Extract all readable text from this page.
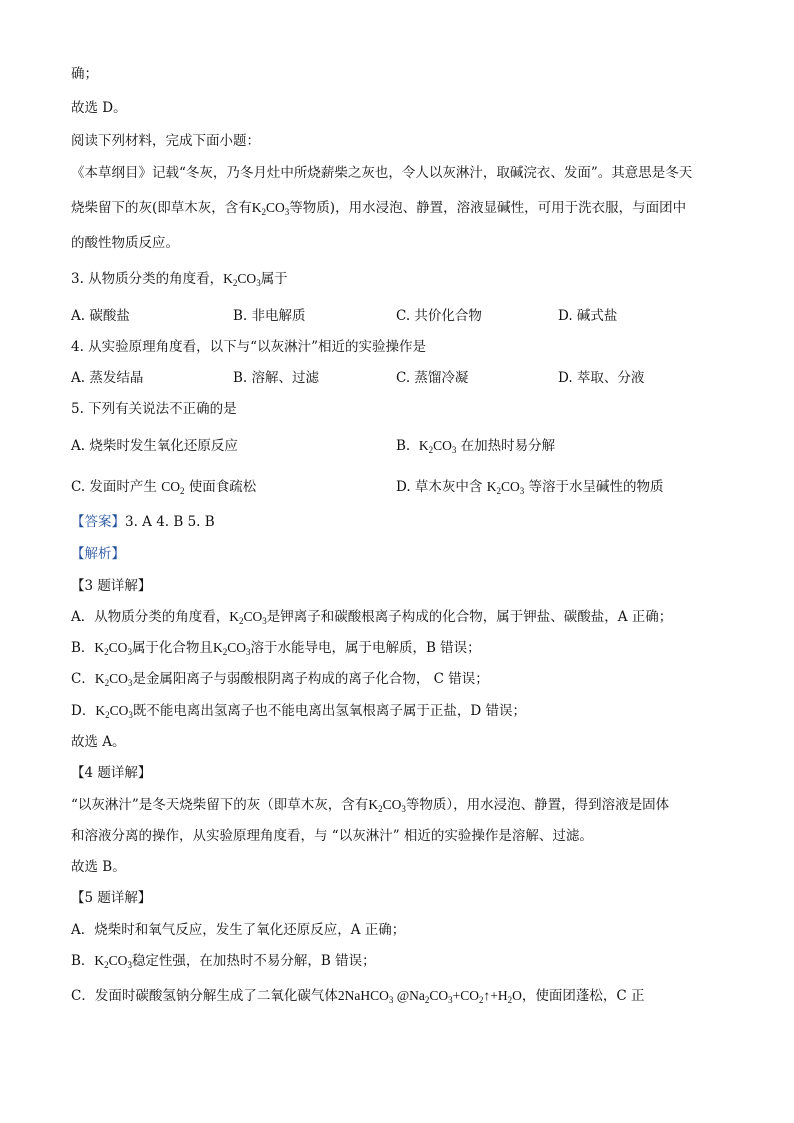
确；
故选 D。
阅读下列材料，完成下面小题：
《本草纲目》记载“冬灰，乃冬月灶中所烧薪柴之灰也，令人以灰淋汁，取碱浣衣、发面”。其意思是冬天
烧柴留下的灰(即草木灰，含有$K_2CO_3$等物质)，用水浸泡、静置，溶液显碱性，可用于洗衣服，与面团中
的酸性物质反应。
3. 从物质分类的角度看，$K_2CO_3$属于
A. 碳酸盐	B. 非电解质	C. 共价化合物	D. 碱式盐
4. 从实验原理角度看，以下与“以灰淋汁”相近的实验操作是
A. 蒸发结晶	B. 溶解、过滤	C. 蒸馏冷凝	D. 萃取、分液
5. 下列有关说法不正确的是
A. 烧柴时发生氧化还原反应	B. $K_2CO_3$ 在加热时易分解
C. 发面时产生 $CO_2$ 使面食疏松	D. 草木灰中含 $K_2CO_3$ 等溶于水呈碱性的物质
【答案】3. A 4. B 5. B
【解析】
【3 题详解】
A．从物质分类的角度看，$K_2CO_3$是钾离子和碳酸根离子构成的化合物，属于钾盐、碳酸盐，A 正确；
B．$K_2CO_3$属于化合物且$K_2CO_3$溶于水能导电，属于电解质，B 错误；
C．$K_2CO_3$是金属阳离子与弱酸根阴离子构成的离子化合物， C 错误；
D．$K_2CO_3$既不能电离出氢离子也不能电离出氢氧根离子属于正盐，D 错误；
故选 A。
【4 题详解】
“以灰淋汁”是冬天烧柴留下的灰（即草木灰，含有$K_2CO_3$等物质），用水浸泡、静置，得到溶液是固体
和溶液分离的操作，从实验原理角度看，与 “以灰淋汁” 相近的实验操作是溶解、过滤。
故选 B。
【5 题详解】
A．烧柴时和氧气反应，发生了氧化还原反应，A 正确；
B．$K_2CO_3$稳定性强，在加热时不易分解，B 错误；
C．发面时碳酸氢钠分解生成了二氧化碳气体2NaHCO$_3$ $@Na_2CO_3+CO_2↑+H_2O$，使面团蓬松，C 正
